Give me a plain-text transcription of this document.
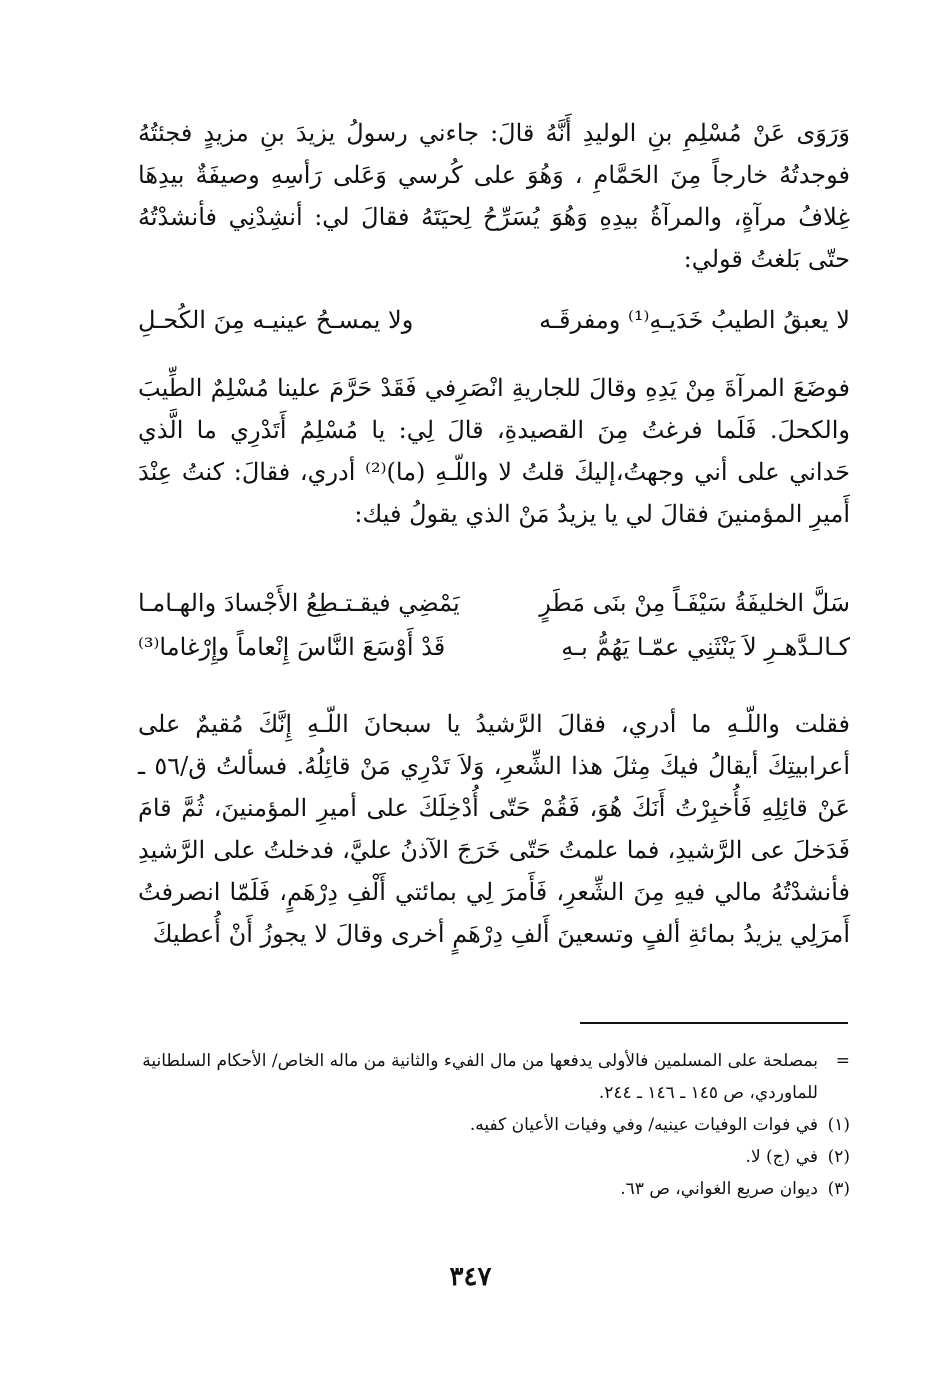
وَرَوَى عَنْ مُسْلِمِ بنِ الوليدِ أَنَّهُ قالَ: جاءني رسولُ يزيدَ بنِ مزيدٍ فجئتُهُ فوجدتُهُ خارجاً مِنَ الحَمَّامِ ، وَهُوَ على كُرسي وَعَلى رَأسِهِ وصيفَةٌ بيدِهَا غِلافُ مرآةٍ، والمرآةُ بيدِهِ وَهُوَ يُسَرِّحُ لِحيَتَهُ فقالَ لي: أنشِدْنِي فأنشدْتُهُ حتّى بَلغتُ قولي:

لا يعبقُ الطيبُ خَدَيـهِ⁽¹⁾ ومفرقَـه
ولا يمسـحُ عينيـه مِنَ الكُحـلِ

فوضَعَ المرآةَ مِنْ يَدِهِ وقالَ للجاريةِ انْصَرِفي فَقَدْ حَرَّمَ علينا مُسْلِمٌ الطِّيبَ والكحلَ. فَلَما فرغتُ مِنَ القصيدةِ، قالَ لِي: يا مُسْلِمُ أَتَدْرِي ما الَّذي حَداني على أني وجهتُ،إليكَ قلتُ لا واللّـهِ (ما)⁽²⁾ أدري، فقالَ: كنتُ عِنْدَ أَميرِ المؤمنينَ فقالَ لي يا يزيدُ مَنْ الذي يقولُ فيك:

سَلَّ الخليفَةُ سَيْفَـاً مِنْ بنَى مَطَرٍ
يَمْضِي فيقـتـطِعُ الأَجْسادَ والهـامـا
كـالـدَّهـرِ لاَ يَنْثَنِي عمّـا يَهُمُّ بـهِ
قَدْ أَوْسَعَ النَّاسَ إِنْعاماً وإِرْغاما⁽³⁾

فقلت واللّـهِ ما أدري، فقالَ الرَّشيدُ يا سبحانَ اللّـهِ إِنَّكَ مُقيمٌ على أعرابيتِكَ أيقالُ فيكَ مِثلَ هذا الشِّعرِ، وَلاَ تَدْرِي مَنْ قائِلُهُ. فسألتُ ق/٥٦ ـ عَنْ قائِلِهِ فَأُخبِرْتُ أَنَكَ هُوَ، فَقُمْ حَتّى أُدْخِلَكَ على أميرِ المؤمنينَ، ثُمَّ قامَ فَدَخلَ عى الرَّشيدِ، فما علمتُ حَتّى خَرَجَ الآذنُ عليَّ، فدخلتُ على الرَّشيدِ فأنشدْتُهُ مالي فيهِ مِنَ الشِّعرِ، فَأَمرَ لِي بمائتي أَلْفِ دِرْهَمٍ، فَلَمّا انصرفتُ أَمرَلِي يزيدُ بمائةِ ألفٍ وتسعينَ أَلفِ دِرْهَمٍ أخرى وقالَ لا يجوزُ أَنْ أُعطيكَ

=
بمصلحة على المسلمين فالأولى يدفعها من مال الفيء والثانية من ماله الخاص/ الأحكام السلطانية للماوردي، ص ١٤٥ ـ ١٤٦ ـ ٢٤٤.
(١)
في فوات الوفيات عينيه/ وفي وفيات الأعيان كفيه.
(٢)
في (ج) لا.
(٣)
ديوان صريع الغواني، ص ٦٣.
٣٤٧
